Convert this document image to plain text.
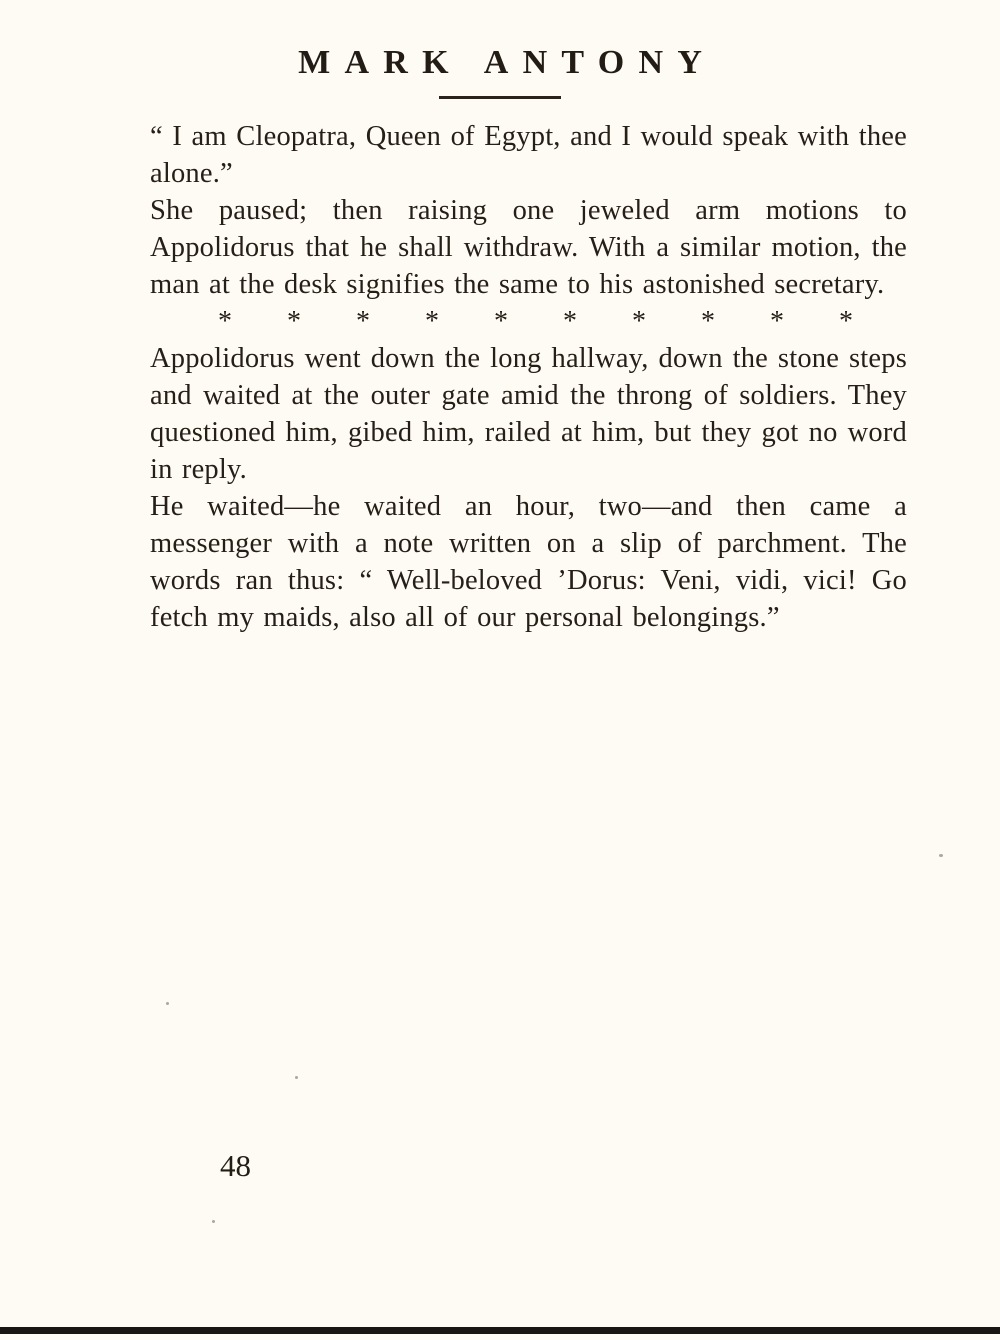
MARK ANTONY

“ I am Cleopatra, Queen of Egypt, and I would speak with thee alone.”

She paused; then raising one jeweled arm motions to Appolidorus that he shall withdraw. With a similar motion, the man at the desk signifies the same to his astonished secretary.

* * * * * * * * * *

Appolidorus went down the long hallway, down the stone steps and waited at the outer gate amid the throng of soldiers. They questioned him, gibed him, railed at him, but they got no word in reply.

He waited—he waited an hour, two—and then came a messenger with a note written on a slip of parchment. The words ran thus: “ Well-beloved ’Dorus: Veni, vidi, vici! Go fetch my maids, also all of our personal belongings.”

48
